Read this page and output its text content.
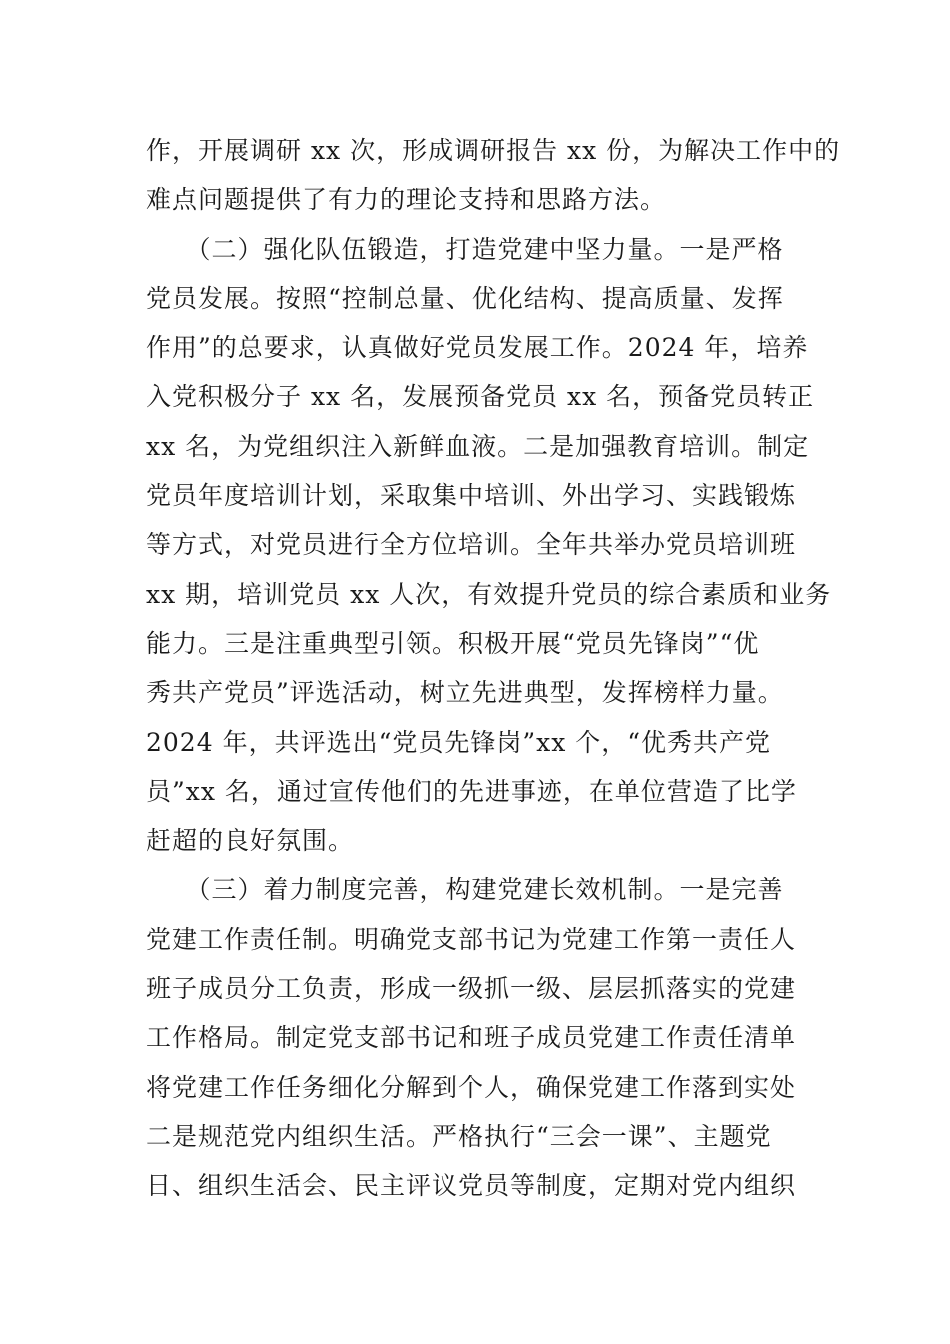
作，开展调研 xx 次，形成调研报告 xx 份，为解决工作中的
难点问题提供了有力的理论支持和思路方法。
　　（二）强化队伍锻造，打造党建中坚力量。一是严格
党员发展。按照“控制总量、优化结构、提高质量、发挥
作用”的总要求，认真做好党员发展工作。2024 年，培养
入党积极分子 xx 名，发展预备党员 xx 名，预备党员转正
xx 名，为党组织注入新鲜血液。二是加强教育培训。制定
党员年度培训计划，采取集中培训、外出学习、实践锻炼
等方式，对党员进行全方位培训。全年共举办党员培训班
xx 期，培训党员 xx 人次，有效提升党员的综合素质和业务
能力。三是注重典型引领。积极开展“党员先锋岗”“优
秀共产党员”评选活动，树立先进典型，发挥榜样力量。
2024 年，共评选出“党员先锋岗”xx 个，“优秀共产党
员”xx 名，通过宣传他们的先进事迹，在单位营造了比学
赶超的良好氛围。
　　（三）着力制度完善，构建党建长效机制。一是完善
党建工作责任制。明确党支部书记为党建工作第一责任人
班子成员分工负责，形成一级抓一级、层层抓落实的党建
工作格局。制定党支部书记和班子成员党建工作责任清单
将党建工作任务细化分解到个人，确保党建工作落到实处
二是规范党内组织生活。严格执行“三会一课”、主题党
日、组织生活会、民主评议党员等制度，定期对党内组织
